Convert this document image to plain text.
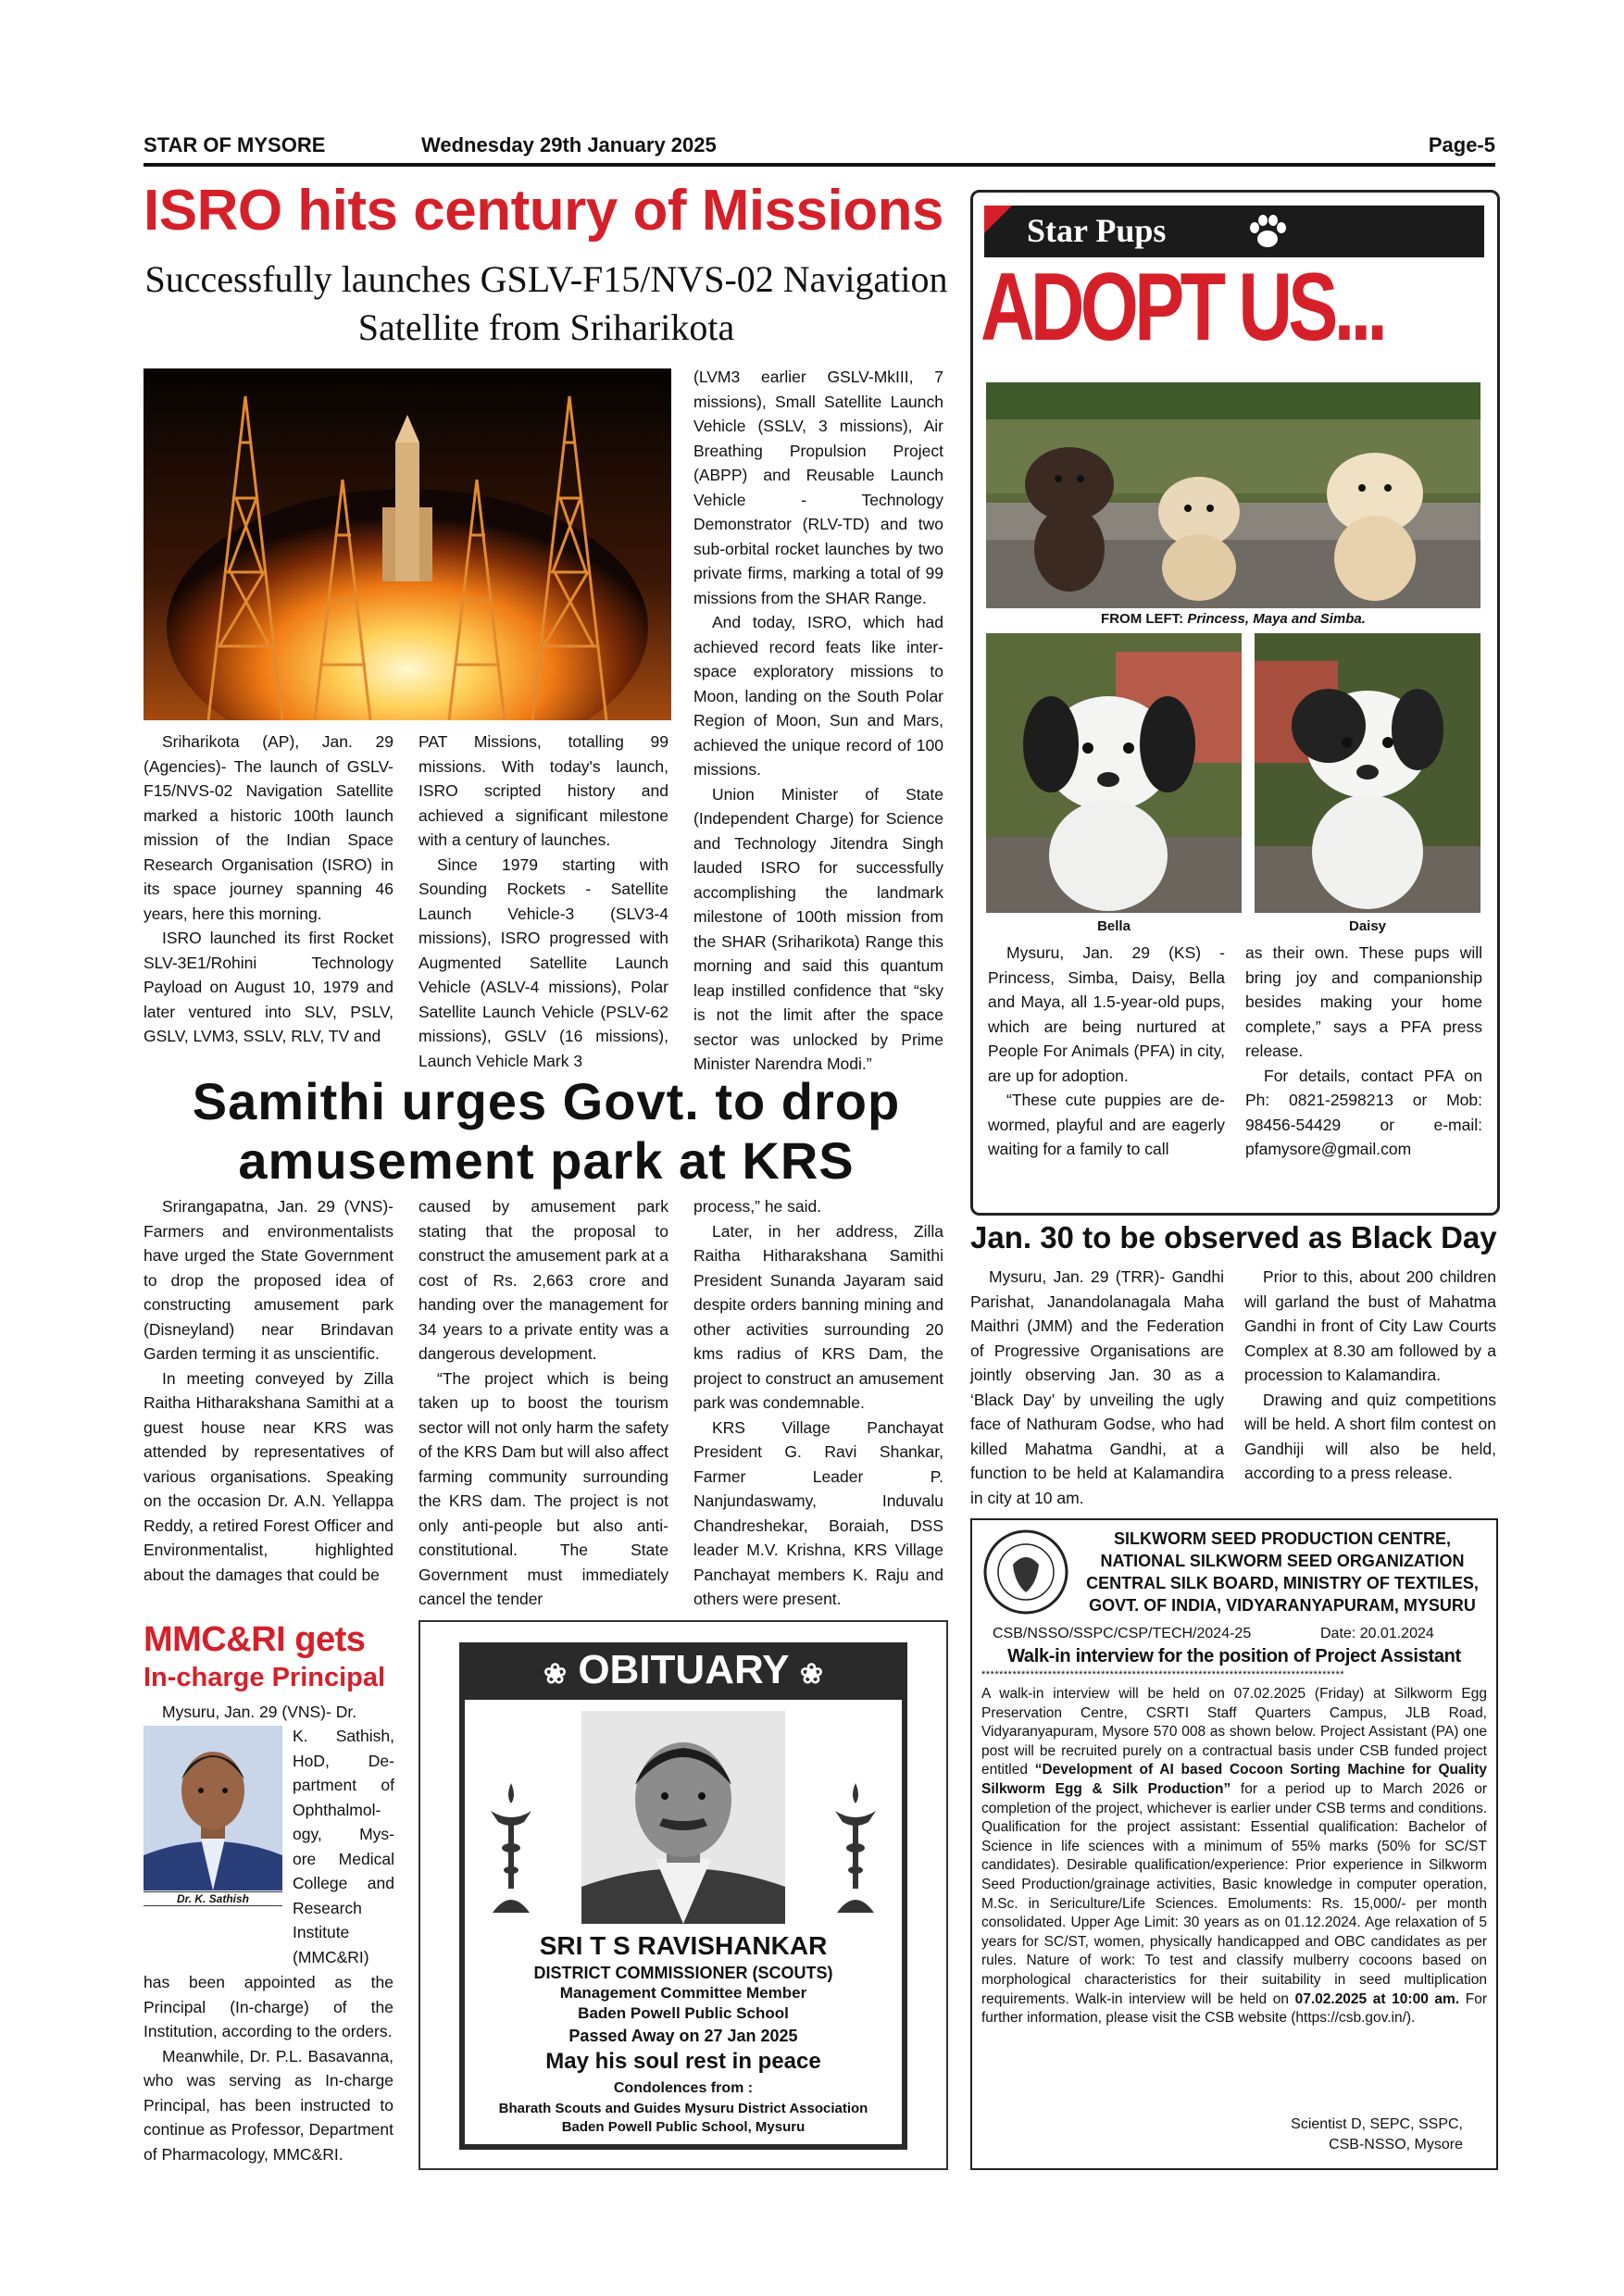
STAR OF MYSORE	Wednesday 29th January 2025	Page-5
ISRO hits century of Missions
Successfully launches GSLV-F15/NVS-02 Navigation Satellite from Sriharikota

Sriharikota (AP), Jan. 29 (Agencies)- The launch of GSLV-F15/NVS-02 Navigation Satellite marked a historic 100th launch mission of the Indian Space Research Organisation (ISRO) in its space journey spanning 46 years, here this morning.

ISRO launched its first Rocket SLV-3E1/Rohini Technology Payload on August 10, 1979 and later ventured into SLV, PSLV, GSLV, LVM3, SSLV, RLV, TV and

PAT Missions, totalling 99 missions. With today's launch, ISRO scripted history and achieved a significant milestone with a century of launches.

Since 1979 starting with Sounding Rockets - Satellite Launch Vehicle-3 (SLV3-4 missions), ISRO progressed with Augmented Satellite Launch Vehicle (ASLV-4 missions), Polar Satellite Launch Vehicle (PSLV-62 missions), GSLV (16 missions), Launch Vehicle Mark 3

(LVM3 earlier GSLV-MkIII, 7 missions), Small Satellite Launch Vehicle (SSLV, 3 missions), Air Breathing Propulsion Project (ABPP) and Reusable Launch Vehicle - Technology Demonstrator (RLV-TD) and two sub-orbital rocket launches by two private firms, marking a total of 99 missions from the SHAR Range.

And today, ISRO, which had achieved record feats like inter-space exploratory missions to Moon, landing on the South Polar Region of Moon, Sun and Mars, achieved the unique record of 100 missions.

Union Minister of State (Independent Charge) for Science and Technology Jitendra Singh lauded ISRO for successfully accomplishing the landmark milestone of 100th mission from the SHAR (Sriharikota) Range this morning and said this quantum leap instilled confidence that “sky is not the limit after the space sector was unlocked by Prime Minister Narendra Modi.”

Star Pups
ADOPT US...
FROM LEFT: Princess, Maya and Simba.
Bella	Daisy

Mysuru, Jan. 29 (KS) - Princess, Simba, Daisy, Bella and Maya, all 1.5-year-old pups, which are being nurtured at People For Animals (PFA) in city, are up for adoption.

“These cute puppies are de-wormed, playful and are eagerly waiting for a family to call

as their own. These pups will bring joy and companionship besides making your home complete,” says a PFA press release.

For details, contact PFA on Ph: 0821-2598213 or Mob: 98456-54429 or e-mail: pfamysore@gmail.com

Samithi urges Govt. to drop amusement park at KRS

Srirangapatna, Jan. 29 (VNS)- Farmers and environmentalists have urged the State Government to drop the proposed idea of constructing amusement park (Disneyland) near Brindavan Garden terming it as unscientific.

In meeting conveyed by Zilla Raitha Hitharakshana Samithi at a guest house near KRS was attended by representatives of various organisations. Speaking on the occasion Dr. A.N. Yellappa Reddy, a retired Forest Officer and Environmentalist, highlighted about the damages that could be

caused by amusement park stating that the proposal to construct the amusement park at a cost of Rs. 2,663 crore and handing over the management for 34 years to a private entity was a dangerous development.

“The project which is being taken up to boost the tourism sector will not only harm the safety of the KRS Dam but will also affect farming community surrounding the KRS dam. The project is not only anti-people but also anti-constitutional. The State Government must immediately cancel the tender

process,” he said.

Later, in her address, Zilla Raitha Hitharakshana Samithi President Sunanda Jayaram said despite orders banning mining and other activities surrounding 20 kms radius of KRS Dam, the project to construct an amusement park was condemnable.

KRS Village Panchayat President G. Ravi Shankar, Farmer Leader P. Nanjundaswamy, Induvalu Chandreshekar, Boraiah, DSS leader M.V. Krishna, KRS Village Panchayat members K. Raju and others were present.

Jan. 30 to be observed as Black Day

Mysuru, Jan. 29 (TRR)- Gandhi Parishat, Janandolanagala Maha Maithri (JMM) and the Federation of Progressive Organisations are jointly observing Jan. 30 as a ‘Black Day’ by unveiling the ugly face of Nathuram Godse, who had killed Mahatma Gandhi, at a function to be held at Kalamandira in city at 10 am.

Prior to this, about 200 children will garland the bust of Mahatma Gandhi in front of City Law Courts Complex at 8.30 am followed by a procession to Kalamandira.

Drawing and quiz competitions will be held. A short film contest on Gandhiji will also be held, according to a press release.

MMC&RI gets
In-charge Principal

Mysuru, Jan. 29 (VNS)- Dr.

Dr. K. Sathish
K. Sathish,
HoD, De-
partment of
Ophthalmol-
ogy, Mys-
ore Medical
College and
Research
Institute
(MMC&RI)

has been appointed as the Principal (In-charge) of the Institution, according to the orders.

Meanwhile, Dr. P.L. Basavanna, who was serving as In-charge Principal, has been instructed to continue as Professor, Department of Pharmacology, MMC&RI.

❀ OBITUARY ❀
SRI T S RAVISHANKAR
DISTRICT COMMISSIONER (SCOUTS)
Management Committee Member
Baden Powell Public School
Passed Away on 27 Jan 2025
May his soul rest in peace
Condolences from :
Bharath Scouts and Guides Mysuru District Association
Baden Powell Public School, Mysuru
SILKWORM SEED PRODUCTION CENTRE,
NATIONAL SILKWORM SEED ORGANIZATION
CENTRAL SILK BOARD, MINISTRY OF TEXTILES,
GOVT. OF INDIA, VIDYARANYAPURAM, MYSURU
CSB/NSSO/SSPC/CSP/TECH/2024-25	Date: 20.01.2024
Walk-in interview for the position of Project Assistant
**********************************************************************************
A walk-in interview will be held on 07.02.2025 (Friday) at Silkworm Egg Preservation Centre, CSRTI Staff Quarters Campus, JLB Road, Vidyaranyapuram, Mysore 570 008 as shown below. Project Assistant (PA) one post will be recruited purely on a contractual basis under CSB funded project entitled “Development of AI based Cocoon Sorting Machine for Quality Silkworm Egg & Silk Production” for a period up to March 2026 or completion of the project, whichever is earlier under CSB terms and conditions. Qualification for the project assistant: Essential qualification: Bachelor of Science in life sciences with a minimum of 55% marks (50% for SC/ST candidates). Desirable qualification/experience: Prior experience in Silkworm Seed Production/grainage activities, Basic knowledge in computer operation, M.Sc. in Sericulture/Life Sciences. Emoluments: Rs. 15,000/- per month consolidated. Upper Age Limit: 30 years as on 01.12.2024. Age relaxation of 5 years for SC/ST, women, physically handicapped and OBC candidates as per rules. Nature of work: To test and classify mulberry cocoons based on morphological characteristics for their suitability in seed multiplication requirements. Walk-in interview will be held on 07.02.2025 at 10:00 am. For further information, please visit the CSB website (https://csb.gov.in/).
Scientist D, SEPC, SSPC,
CSB-NSSO, Mysore
